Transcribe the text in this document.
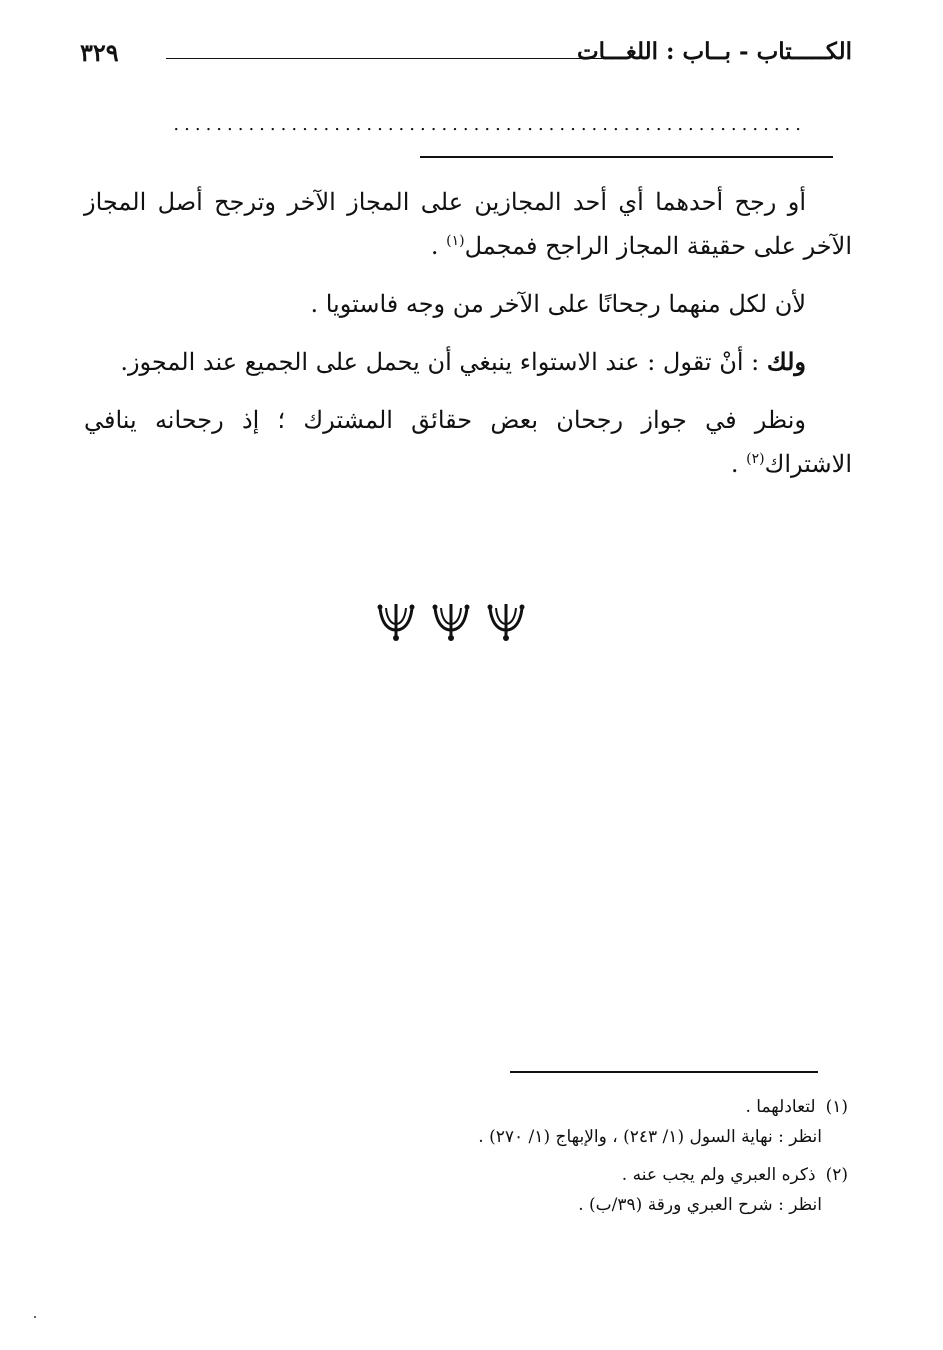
الكـــــتاب - بــاب : اللغـــات
٣٢٩
...........................................................

أو رجح أحدهما أي أحد المجازين على المجاز الآخر وترجح أصل المجاز الآخر على حقيقة المجاز الراجح فمجمل$^{(١)}$ .

لأن لكل منهما رجحانًا على الآخر من وجه فاستويا .

ولك : أنْ تقول : عند الاستواء ينبغي أن يحمل على الجميع عند المجوز.

ونظر في جواز رجحان بعض حقائق المشترك ؛ إذ رجحانه ينافي الاشتراك$^{(٢)}$ .

(١)لتعادلهما .
انظر : نهاية السول (١/ ٢٤٣) ، والإبهاج (١/ ٢٧٠) .
(٢)ذكره العبري ولم يجب عنه .
انظر : شرح العبري ورقة (٣٩/ب) .
